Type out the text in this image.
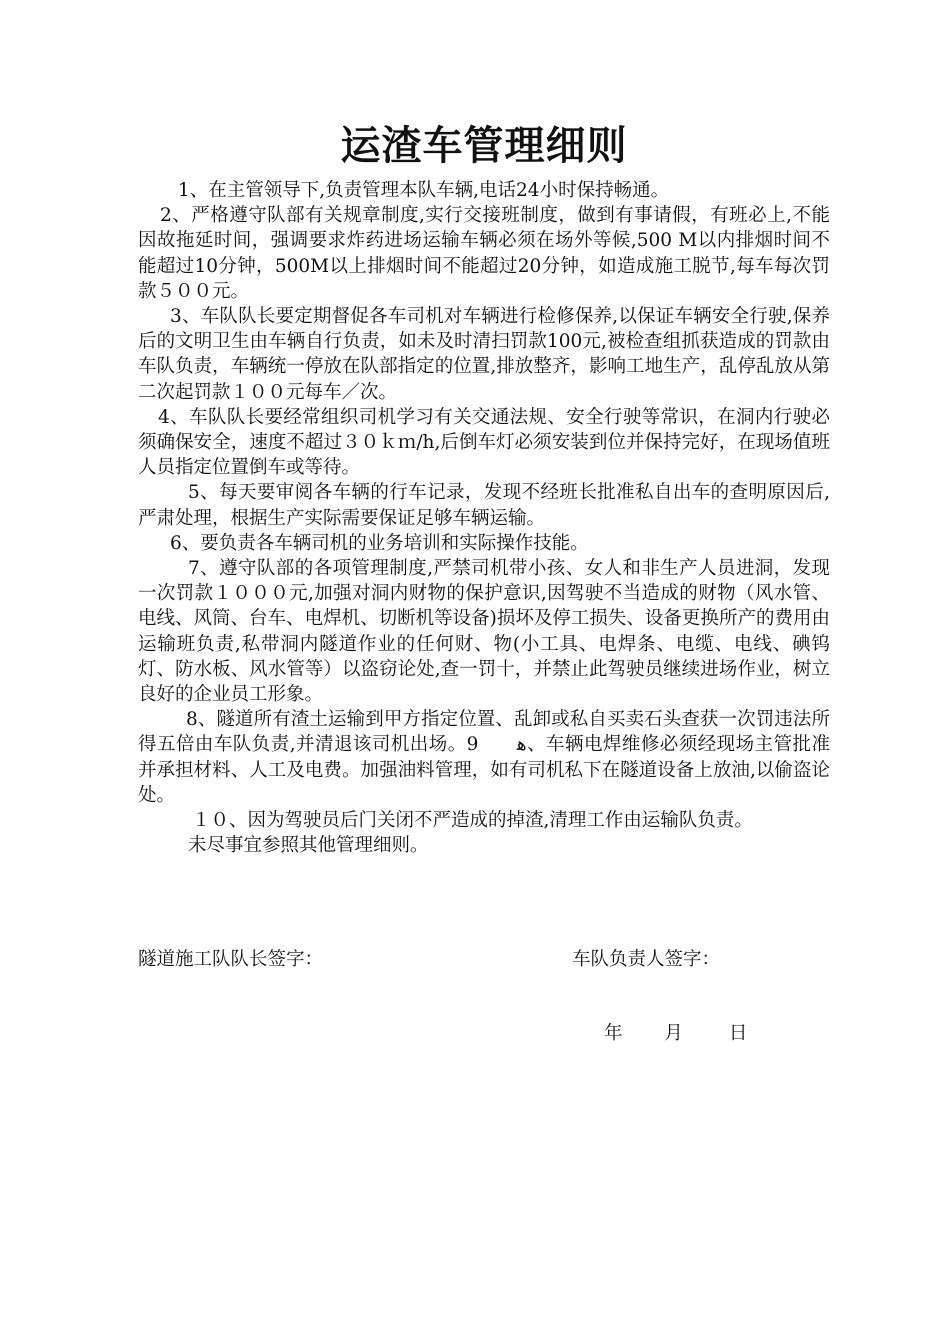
运渣车管理细则

1、在主管领导下,负责管理本队车辆,电话24小时保持畅通。

2、严格遵守队部有关规章制度,实行交接班制度，做到有事请假，有班必上,不能因故拖延时间，强调要求炸药进场运输车辆必须在场外等候,500 M以内排烟时间不能超过10分钟，500M以上排烟时间不能超过20分钟，如造成施工脱节,每车每次罚款５００元。

3、车队队长要定期督促各车司机对车辆进行检修保养,以保证车辆安全行驶,保养后的文明卫生由车辆自行负责，如未及时清扫罚款100元,被检查组抓获造成的罚款由车队负责，车辆统一停放在队部指定的位置,排放整齐，影响工地生产，乱停乱放从第二次起罚款１００元每车／次。

4、车队队长要经常组织司机学习有关交通法规、安全行驶等常识，在洞内行驶必须确保安全，速度不超过３０ｋｍ/h,后倒车灯必须安装到位并保持完好，在现场值班人员指定位置倒车或等待。

5、每天要审阅各车辆的行车记录，发现不经班长批准私自出车的查明原因后,严肃处理，根据生产实际需要保证足够车辆运输。

6、要负责各车辆司机的业务培训和实际操作技能。

7、遵守队部的各项管理制度,严禁司机带小孩、女人和非生产人员进洞，发现一次罚款１０００元,加强对洞内财物的保护意识,因驾驶不当造成的财物（风水管、电线、风筒、台车、电焊机、切断机等设备)损坏及停工损失、设备更换所产的费用由运输班负责,私带洞内隧道作业的任何财、物(小工具、电焊条、电缆、电线、碘钨灯、防水板、风水管等）以盗窃论处,查一罚十，并禁止此驾驶员继续进场作业，树立良好的企业员工形象。

8、隧道所有渣土运输到甲方指定位置、乱卸或私自买卖石头查获一次罚违法所得五倍由车队负责,并清退该司机出场。9　　ﻫ、车辆电焊维修必须经现场主管批准并承担材料、人工及电费。加强油料管理，如有司机私下在隧道设备上放油,以偷盗论处。

１０、因为驾驶员后门关闭不严造成的掉渣,清理工作由运输队负责。

未尽事宜参照其他管理细则。

隧道施工队队长签字：	车队负责人签字：
年 月 日
